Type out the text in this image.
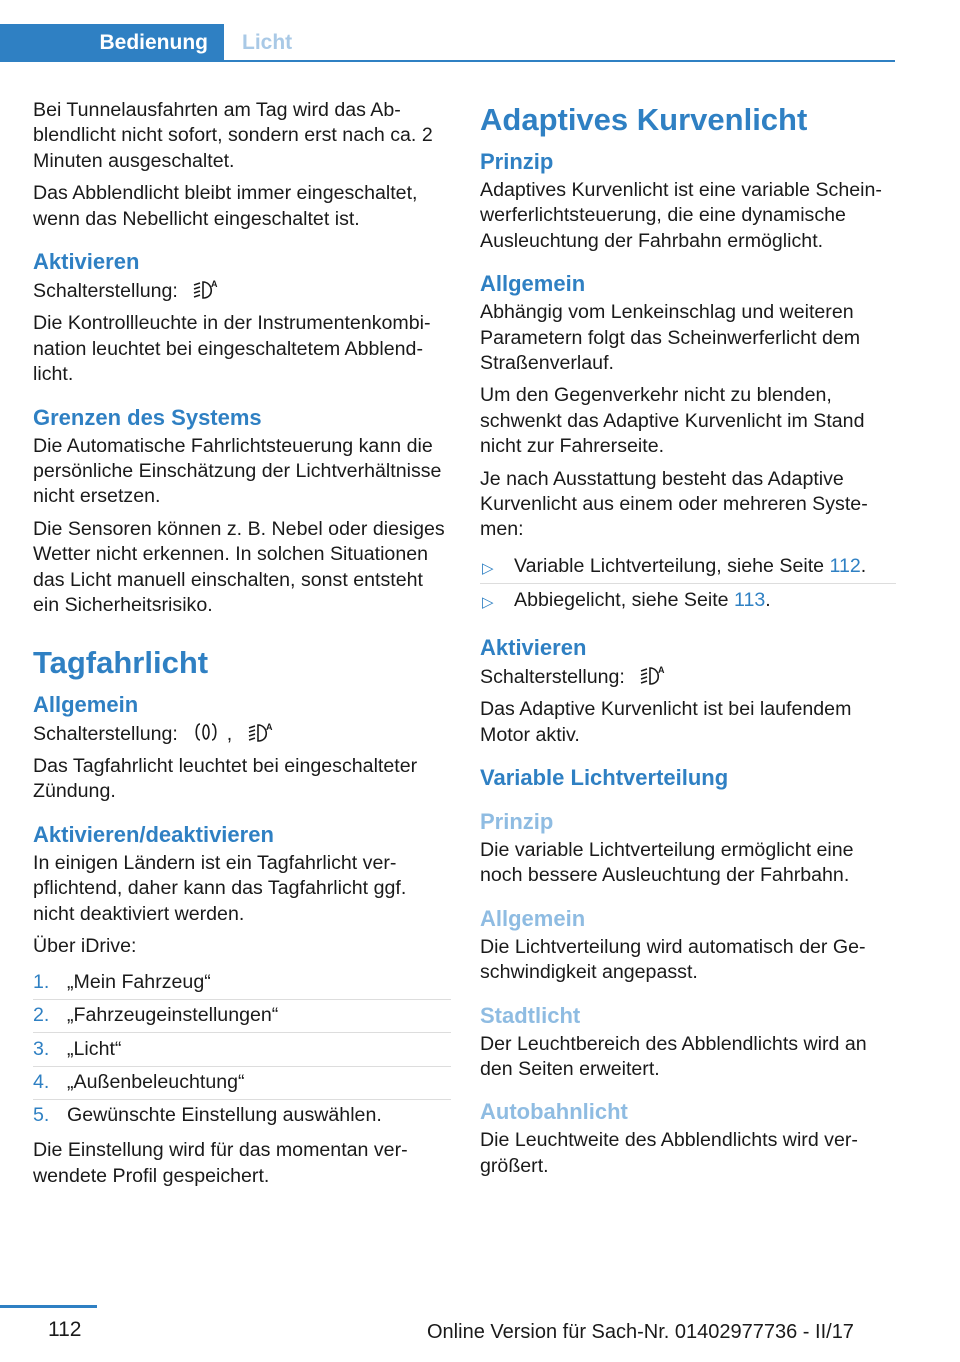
Bedienung	Licht

Bei Tunnelausfahrten am Tag wird das Abblendlicht nicht sofort, sondern erst nach ca. 2 Minuten ausgeschaltet.

Das Abblendlicht bleibt immer eingeschaltet, wenn das Nebellicht eingeschaltet ist.

Aktivieren

Schalterstellung:	A

Die Kontrollleuchte in der Instrumentenkombination leuchtet bei eingeschaltetem Abblendlicht.

Grenzen des Systems

Die Automatische Fahrlichtsteuerung kann die persönliche Einschätzung der Lichtverhältnisse nicht ersetzen.

Die Sensoren können z. B. Nebel oder diesiges Wetter nicht erkennen. In solchen Situationen das Licht manuell einschalten, sonst entsteht ein Sicherheitsrisiko.

Tagfahrlicht
Allgemein

Schalterstellung: ,	A

Das Tagfahrlicht leuchtet bei eingeschalteter Zündung.

Aktivieren/deaktivieren

In einigen Ländern ist ein Tagfahrlicht verpflichtend, daher kann das Tagfahrlicht ggf. nicht deaktiviert werden.

Über iDrive:

1. „Mein Fahrzeug“
2. „Fahrzeugeinstellungen“
3. „Licht“
4. „Außenbeleuchtung“
5. Gewünschte Einstellung auswählen.

Die Einstellung wird für das momentan verwendete Profil gespeichert.

Adaptives Kurvenlicht
Prinzip

Adaptives Kurvenlicht ist eine variable Scheinwerferlichtsteuerung, die eine dynamische Ausleuchtung der Fahrbahn ermöglicht.

Allgemein

Abhängig vom Lenkeinschlag und weiteren Parametern folgt das Scheinwerferlicht dem Straßenverlauf.

Um den Gegenverkehr nicht zu blenden, schwenkt das Adaptive Kurvenlicht im Stand nicht zur Fahrerseite.

Je nach Ausstattung besteht das Adaptive Kurvenlicht aus einem oder mehreren Systemen:

▷ Variable Lichtverteilung, siehe Seite 112.
▷ Abbiegelicht, siehe Seite 113.
Aktivieren

Schalterstellung:	A

Das Adaptive Kurvenlicht ist bei laufendem Motor aktiv.

Variable Lichtverteilung
Prinzip

Die variable Lichtverteilung ermöglicht eine noch bessere Ausleuchtung der Fahrbahn.

Allgemein

Die Lichtverteilung wird automatisch der Geschwindigkeit angepasst.

Stadtlicht

Der Leuchtbereich des Abblendlichts wird an den Seiten erweitert.

Autobahnlicht

Die Leuchtweite des Abblendlichts wird vergrößert.

112	Online Version für Sach-Nr. 01402977736 - II/17
